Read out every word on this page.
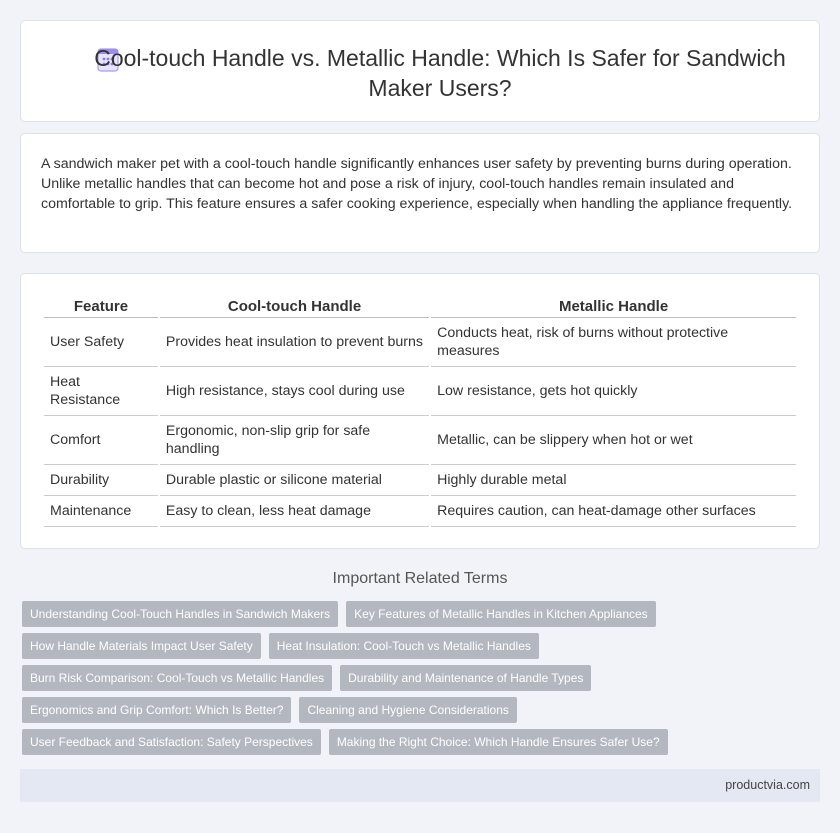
Cool-touch Handle vs. Metallic Handle: Which Is Safer for Sandwich Maker Users?

A sandwich maker pet with a cool-touch handle significantly enhances user safety by preventing burns during operation. Unlike metallic handles that can become hot and pose a risk of injury, cool-touch handles remain insulated and comfortable to grip. This feature ensures a safer cooking experience, especially when handling the appliance frequently.

Feature	Cool-touch Handle	Metallic Handle
User Safety	Provides heat insulation to prevent burns	Conducts heat, risk of burns without protective measures
Heat Resistance	High resistance, stays cool during use	Low resistance, gets hot quickly
Comfort	Ergonomic, non-slip grip for safe handling	Metallic, can be slippery when hot or wet
Durability	Durable plastic or silicone material	Highly durable metal
Maintenance	Easy to clean, less heat damage	Requires caution, can heat-damage other surfaces
Important Related Terms
Understanding Cool-Touch Handles in Sandwich Makers	Key Features of Metallic Handles in Kitchen Appliances
How Handle Materials Impact User Safety	Heat Insulation: Cool-Touch vs Metallic Handles
Burn Risk Comparison: Cool-Touch vs Metallic Handles	Durability and Maintenance of Handle Types
Ergonomics and Grip Comfort: Which Is Better?	Cleaning and Hygiene Considerations
User Feedback and Satisfaction: Safety Perspectives	Making the Right Choice: Which Handle Ensures Safer Use?
productvia.com
